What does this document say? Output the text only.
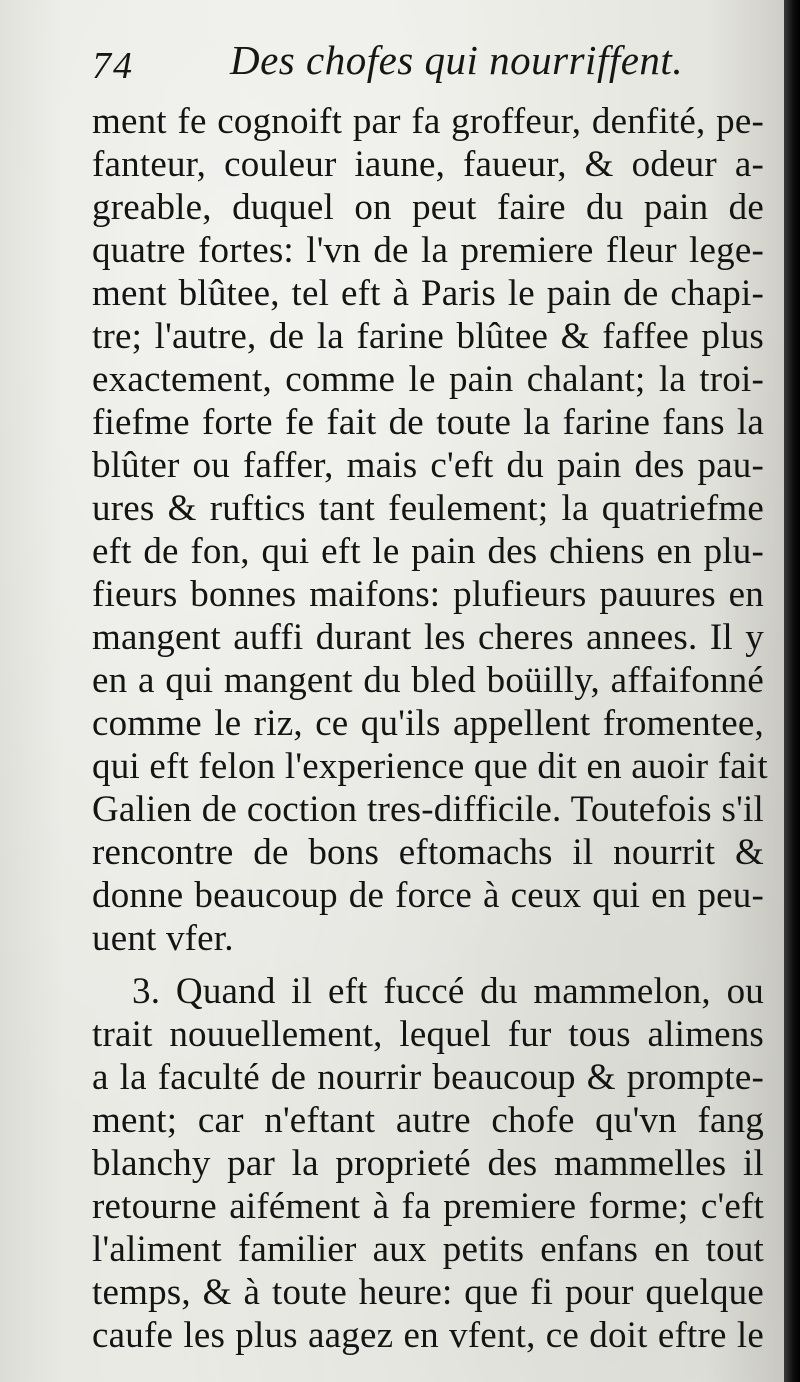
74 Des chofes qui nourriffent.
ment fe cognoift par fa groffeur, denfité, pe-
fanteur, couleur iaune, faueur, & odeur a-
greable, duquel on peut faire du pain de
quatre fortes: l'vn de la premiere fleur lege-
ment blûtee, tel eft à Paris le pain de chapi-
tre; l'autre, de la farine blûtee & faffee plus
exactement, comme le pain chalant; la troi-
fiefme forte fe fait de toute la farine fans la
blûter ou faffer, mais c'eft du pain des pau-
ures & ruftics tant feulement; la quatriefme
eft de fon, qui eft le pain des chiens en plu-
fieurs bonnes maifons: plufieurs pauures en
mangent auffi durant les cheres annees. Il y
en a qui mangent du bled boüilly, affaifonné
comme le riz, ce qu'ils appellent fromentee,
qui eft felon l'experience que dit en auoir fait
Galien de coction tres-difficile. Toutefois s'il
rencontre de bons eftomachs il nourrit &
donne beaucoup de force à ceux qui en peu-
uent vfer.
3. Quand il eft fuccé du mammelon, ou
trait nouuellement, lequel fur tous alimens
a la faculté de nourrir beaucoup & prompte-
ment; car n'eftant autre chofe qu'vn fang
blanchy par la proprieté des mammelles il
retourne aifément à fa premiere forme; c'eft
l'aliment familier aux petits enfans en tout
temps, & à toute heure: que fi pour quelque
caufe les plus aagez en vfent, ce doit eftre le
